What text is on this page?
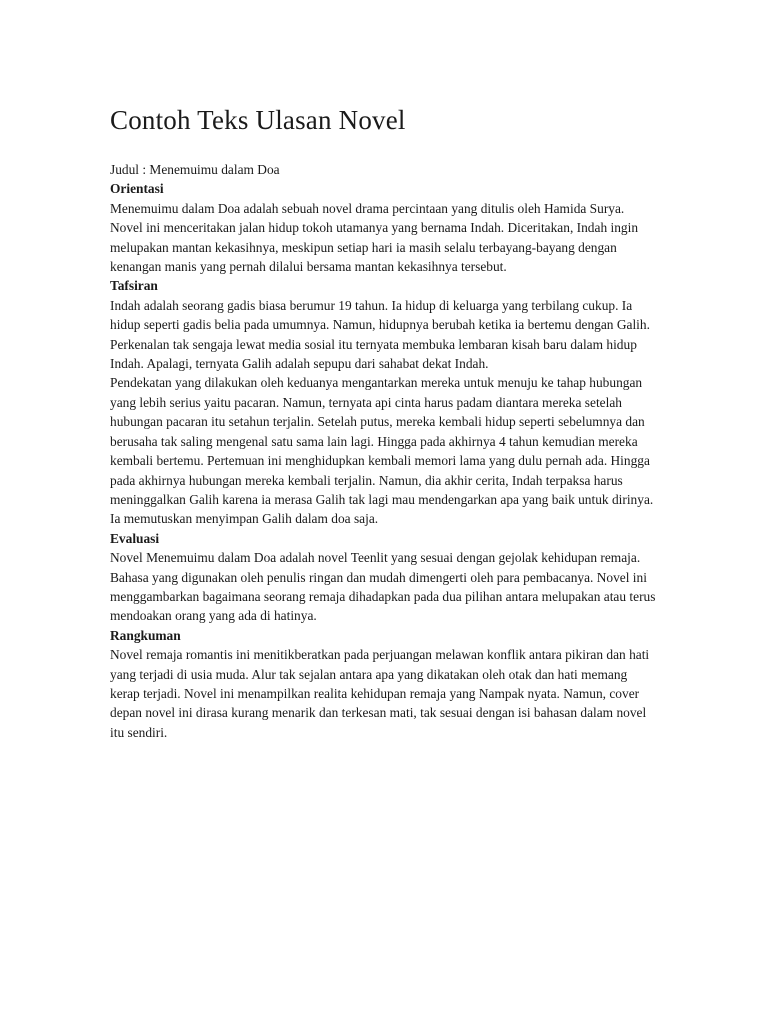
Contoh Teks Ulasan Novel

Judul : Menemuimu dalam Doa

Orientasi

Menemuimu dalam Doa adalah sebuah novel drama percintaan yang ditulis oleh Hamida Surya. Novel ini menceritakan jalan hidup tokoh utamanya yang bernama Indah. Diceritakan, Indah ingin melupakan mantan kekasihnya, meskipun setiap hari ia masih selalu terbayang-bayang dengan kenangan manis yang pernah dilalui bersama mantan kekasihnya tersebut.

Tafsiran

Indah adalah seorang gadis biasa berumur 19 tahun. Ia hidup di keluarga yang terbilang cukup. Ia hidup seperti gadis belia pada umumnya. Namun, hidupnya berubah ketika ia bertemu dengan Galih. Perkenalan tak sengaja lewat media sosial itu ternyata membuka lembaran kisah baru dalam hidup Indah. Apalagi, ternyata Galih adalah sepupu dari sahabat dekat Indah.

Pendekatan yang dilakukan oleh keduanya mengantarkan mereka untuk menuju ke tahap hubungan yang lebih serius yaitu pacaran. Namun, ternyata api cinta harus padam diantara mereka setelah hubungan pacaran itu setahun terjalin. Setelah putus, mereka kembali hidup seperti sebelumnya dan berusaha tak saling mengenal satu sama lain lagi. Hingga pada akhirnya 4 tahun kemudian mereka kembali bertemu. Pertemuan ini menghidupkan kembali memori lama yang dulu pernah ada. Hingga pada akhirnya hubungan mereka kembali terjalin. Namun, dia akhir cerita, Indah terpaksa harus meninggalkan Galih karena ia merasa Galih tak lagi mau mendengarkan apa yang baik untuk dirinya. Ia memutuskan menyimpan Galih dalam doa saja.

Evaluasi

Novel Menemuimu dalam Doa adalah novel Teenlit yang sesuai dengan gejolak kehidupan remaja. Bahasa yang digunakan oleh penulis ringan dan mudah dimengerti oleh para pembacanya. Novel ini menggambarkan bagaimana seorang remaja dihadapkan pada dua pilihan antara melupakan atau terus mendoakan orang yang ada di hatinya.

Rangkuman

Novel remaja romantis ini menitikberatkan pada perjuangan melawan konflik antara pikiran dan hati yang terjadi di usia muda. Alur tak sejalan antara apa yang dikatakan oleh otak dan hati memang kerap terjadi. Novel ini menampilkan realita kehidupan remaja yang Nampak nyata. Namun, cover depan novel ini dirasa kurang menarik dan terkesan mati, tak sesuai dengan isi bahasan dalam novel itu sendiri.
